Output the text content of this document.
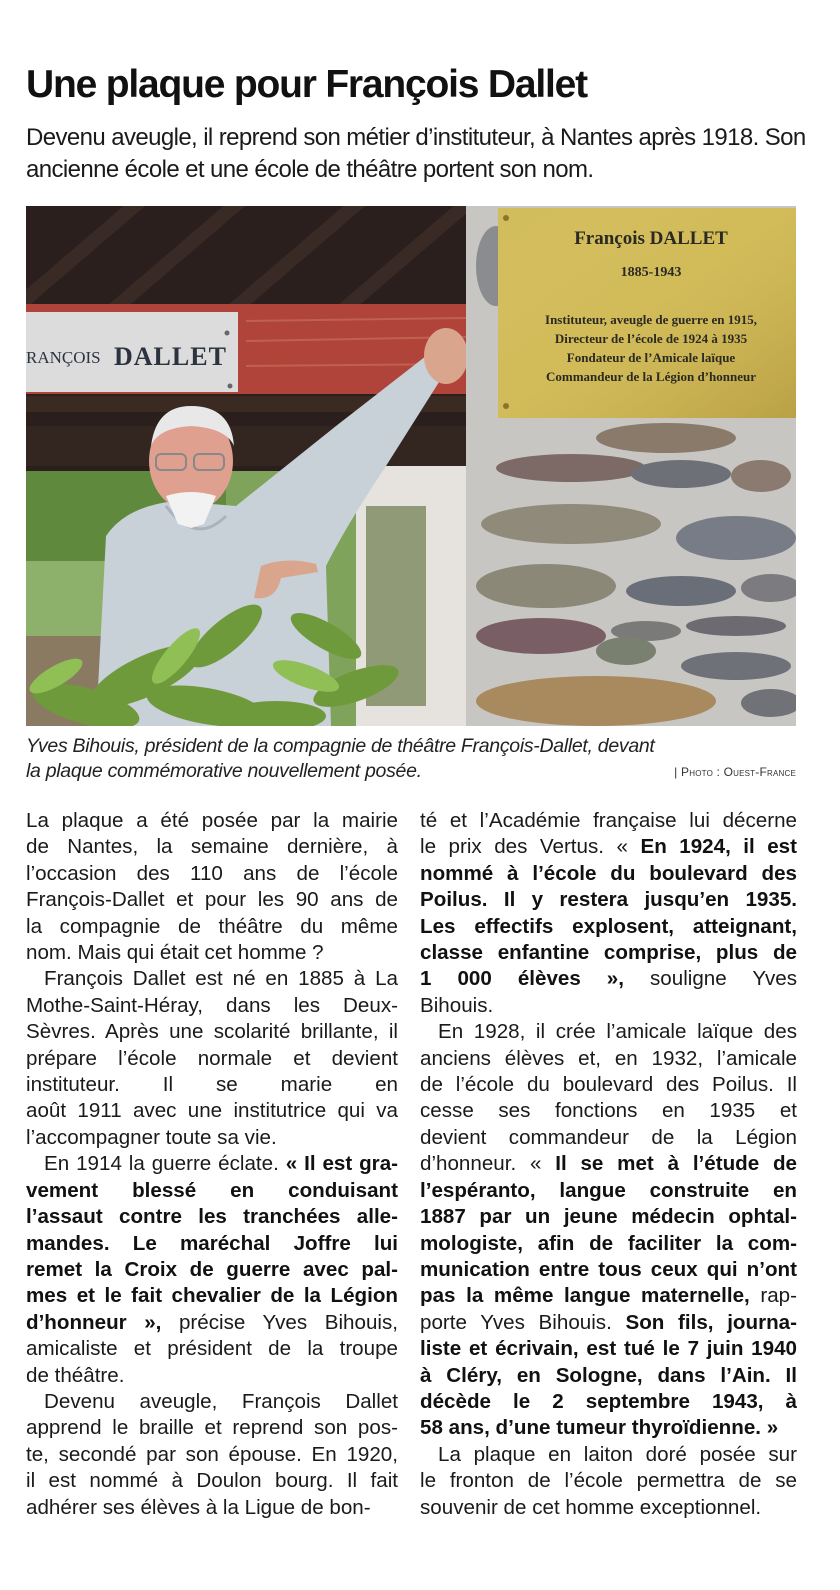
Une plaque pour François Dallet

Devenu aveugle, il reprend son métier d’instituteur, à Nantes après 1918. Son ancienne école et une école de théâtre portent son nom.

RANÇOIS DALLET
François DALLET
1885-1943
Instituteur, aveugle de guerre en 1915,
Directeur de l’école de 1924 à 1935
Fondateur de l’Amicale laïque
Commandeur de la Légion d’honneur
Yves Bihouis, président de la compagnie de théâtre François-Dallet, devant
la plaque commémorative nouvellement posée.	| Photo : Ouest-France
La plaque a été posée par la mairie
de Nantes, la semaine dernière, à
l’occasion des 110 ans de l’école
François-Dallet et pour les 90 ans de
la compagnie de théâtre du même
nom. Mais qui était cet homme ?
François Dallet est né en 1885 à La
Mothe-Saint-Héray, dans les Deux-
Sèvres. Après une scolarité brillante, il
prépare l’école normale et devient
instituteur. Il se marie en
août 1911 avec une institutrice qui va
l’accompagner toute sa vie.
En 1914 la guerre éclate. « Il est gra-
vement blessé en conduisant
l’assaut contre les tranchées alle-
mandes. Le maréchal Joffre lui
remet la Croix de guerre avec pal-
mes et le fait chevalier de la Légion
d’honneur », précise Yves Bihouis,
amicaliste et président de la troupe
de théâtre.
Devenu aveugle, François Dallet
apprend le braille et reprend son pos-
te, secondé par son épouse. En 1920,
il est nommé à Doulon bourg. Il fait
adhérer ses élèves à la Ligue de bon-
té et l’Académie française lui décerne
le prix des Vertus. « En 1924, il est
nommé à l’école du boulevard des
Poilus. Il y restera jusqu’en 1935.
Les effectifs explosent, atteignant,
classe enfantine comprise, plus de
1 000 élèves », souligne Yves
Bihouis.
En 1928, il crée l’amicale laïque des
anciens élèves et, en 1932, l’amicale
de l’école du boulevard des Poilus. Il
cesse ses fonctions en 1935 et
devient commandeur de la Légion
d’honneur. « Il se met à l’étude de
l’espéranto, langue construite en
1887 par un jeune médecin ophtal-
mologiste, afin de faciliter la com-
munication entre tous ceux qui n’ont
pas la même langue maternelle, rap-
porte Yves Bihouis. Son fils, journa-
liste et écrivain, est tué le 7 juin 1940
à Cléry, en Sologne, dans l’Ain. Il
décède le 2 septembre 1943, à
58 ans, d’une tumeur thyroïdienne. »
La plaque en laiton doré posée sur
le fronton de l’école permettra de se
souvenir de cet homme exceptionnel.
